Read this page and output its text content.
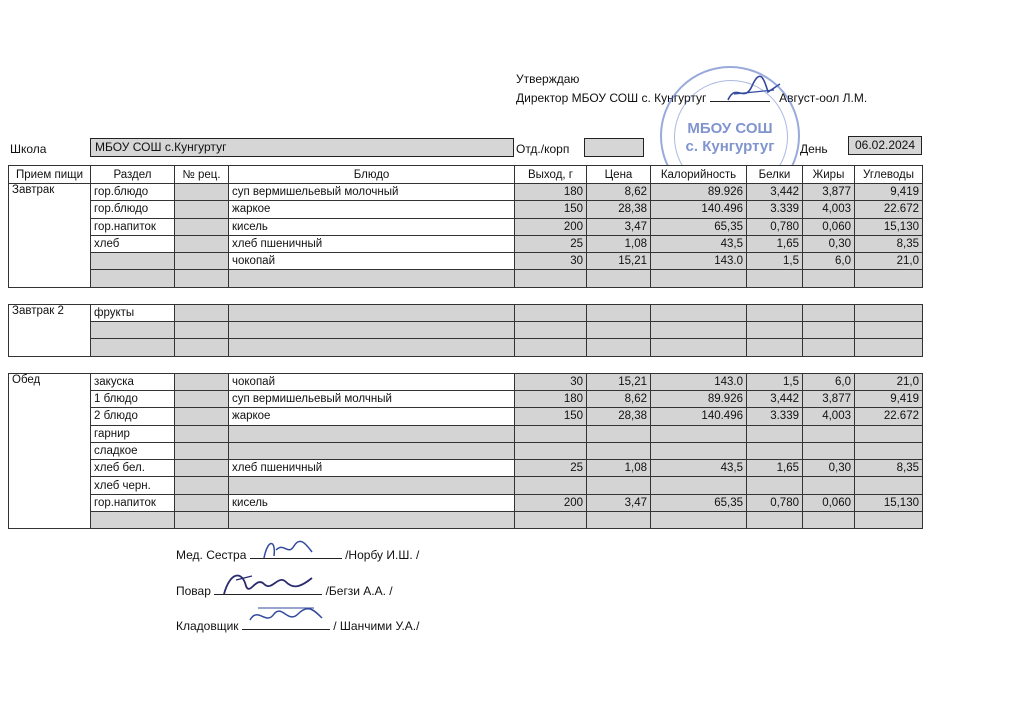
Утверждаю
Директор МБОУ СОШ с. Кунгуртуг	Август-оол Л.М.
МБОУ СОШ
с. Кунгуртуг
Школа	МБОУ СОШ с.Кунгуртуг	Отд./корп	День	06.02.2024
Прием пищи	Раздел	№ рец.	Блюдо	Выход, г	Цена	Калорийность	Белки	Жиры	Углеводы
Завтрак	гор.блюдо		суп вермишельевый молочный	180	8,62	89.926	3,442	3,877	9,419
	гор.блюдо		жаркое	150	28,38	140.496	3.339	4,003	22.672
	гор.напиток		кисель	200	3,47	65,35	0,780	0,060	15,130
	хлеб		хлеб пшеничный	25	1,08	43,5	1,65	0,30	8,35
			чокопай	30	15,21	143.0	1,5	6,0	21,0

Завтрак 2	фрукты								

Обед	закуска		чокопай	30	15,21	143.0	1,5	6,0	21,0
	1 блюдо		суп вермишельевый молчный	180	8,62	89.926	3,442	3,877	9,419
	2 блюдо		жаркое	150	28,38	140.496	3.339	4,003	22.672
	гарнир								
	сладкое								
	хлеб бел.		хлеб пшеничный	25	1,08	43,5	1,65	0,30	8,35
	хлеб черн.								
	гор.напиток		кисель	200	3,47	65,35	0,780	0,060	15,130

Мед. Сестра	/Норбу И.Ш. /
Повар	/Бегзи А.А. /
Кладовщик	/ Шанчими У.А./
